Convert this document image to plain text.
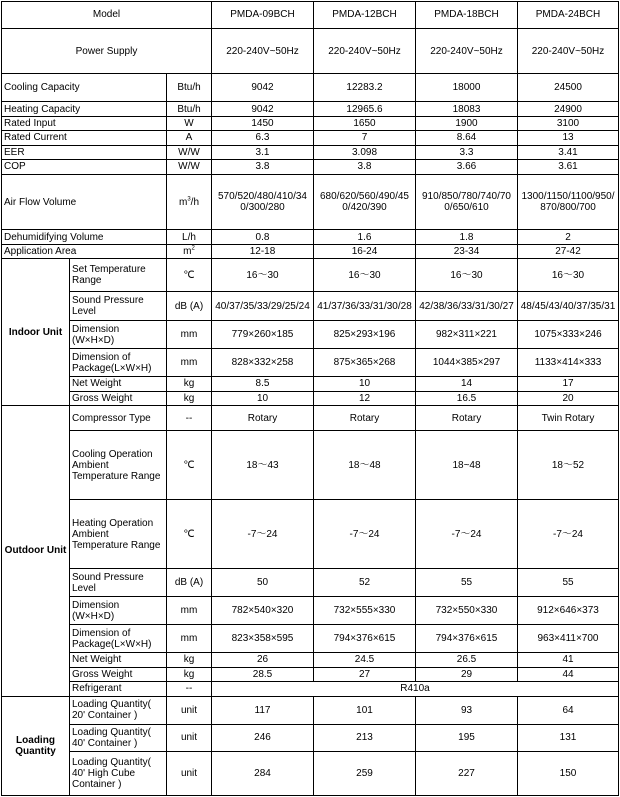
Model			PMDA-09BCH	PMDA-12BCH	PMDA-18BCH	PMDA-24BCH
Power Supply			220-240V~50Hz	220-240V~50Hz	220-240V~50Hz	220-240V~50Hz
Cooling Capacity		Btu/h	9042	12283.2	18000	24500
Heating Capacity		Btu/h	9042	12965.6	18083	24900
Rated Input		W	1450	1650	1900	3100
Rated Current		A	6.3	7	8.64	13
EER		W/W	3.1	3.098	3.3	3.41
COP		W/W	3.8	3.8	3.66	3.61
Air Flow Volume		$m^3/h$	570/520/480/410/340/300/280	680/620/560/490/450/420/390	910/850/780/740/700/650/610	1300/1150/1100/950/870/800/700
Dehumidifying Volume		L/h	0.8	1.6	1.8	2
Application Area		$m^2$	12-18	16-24	23-34	27-42
Indoor Unit	Set Temperature Range	℃	16～30	16～30	16～30	16～30
	Sound Pressure Level	dB (A)	40/37/35/33/29/25/24	41/37/36/33/31/30/28	42/38/36/33/31/30/27	48/45/43/40/37/35/31
	Dimension (W×H×D)	mm	779×260×185	825×293×196	982×311×221	1075×333×246
	Dimension of Package(L×W×H)	mm	828×332×258	875×365×268	1044×385×297	1133×414×333
	Net Weight	kg	8.5	10	14	17
	Gross Weight	kg	10	12	16.5	20
Outdoor Unit	Compressor Type	--	Rotary	Rotary	Rotary	Twin Rotary
	Cooling Operation Ambient Temperature Range	℃	18～43	18～48	18~48	18～52
	Heating Operation Ambient Temperature Range	℃	-7～24	-7～24	-7～24	-7～24
	Sound Pressure Level	dB (A)	50	52	55	55
	Dimension (W×H×D)	mm	782×540×320	732×555×330	732×550×330	912×646×373
	Dimension of Package(L×W×H)	mm	823×358×595	794×376×615	794×376×615	963×411×700
	Net Weight	kg	26	24.5	26.5	41
	Gross Weight	kg	28.5	27	29	44
	Refrigerant	--	R410a			
Loading Quantity	Loading Quantity( 20' Container )	unit	117	101	93	64
	Loading Quantity( 40' Container )	unit	246	213	195	131
	Loading Quantity( 40' High Cube Container )	unit	284	259	227	150
